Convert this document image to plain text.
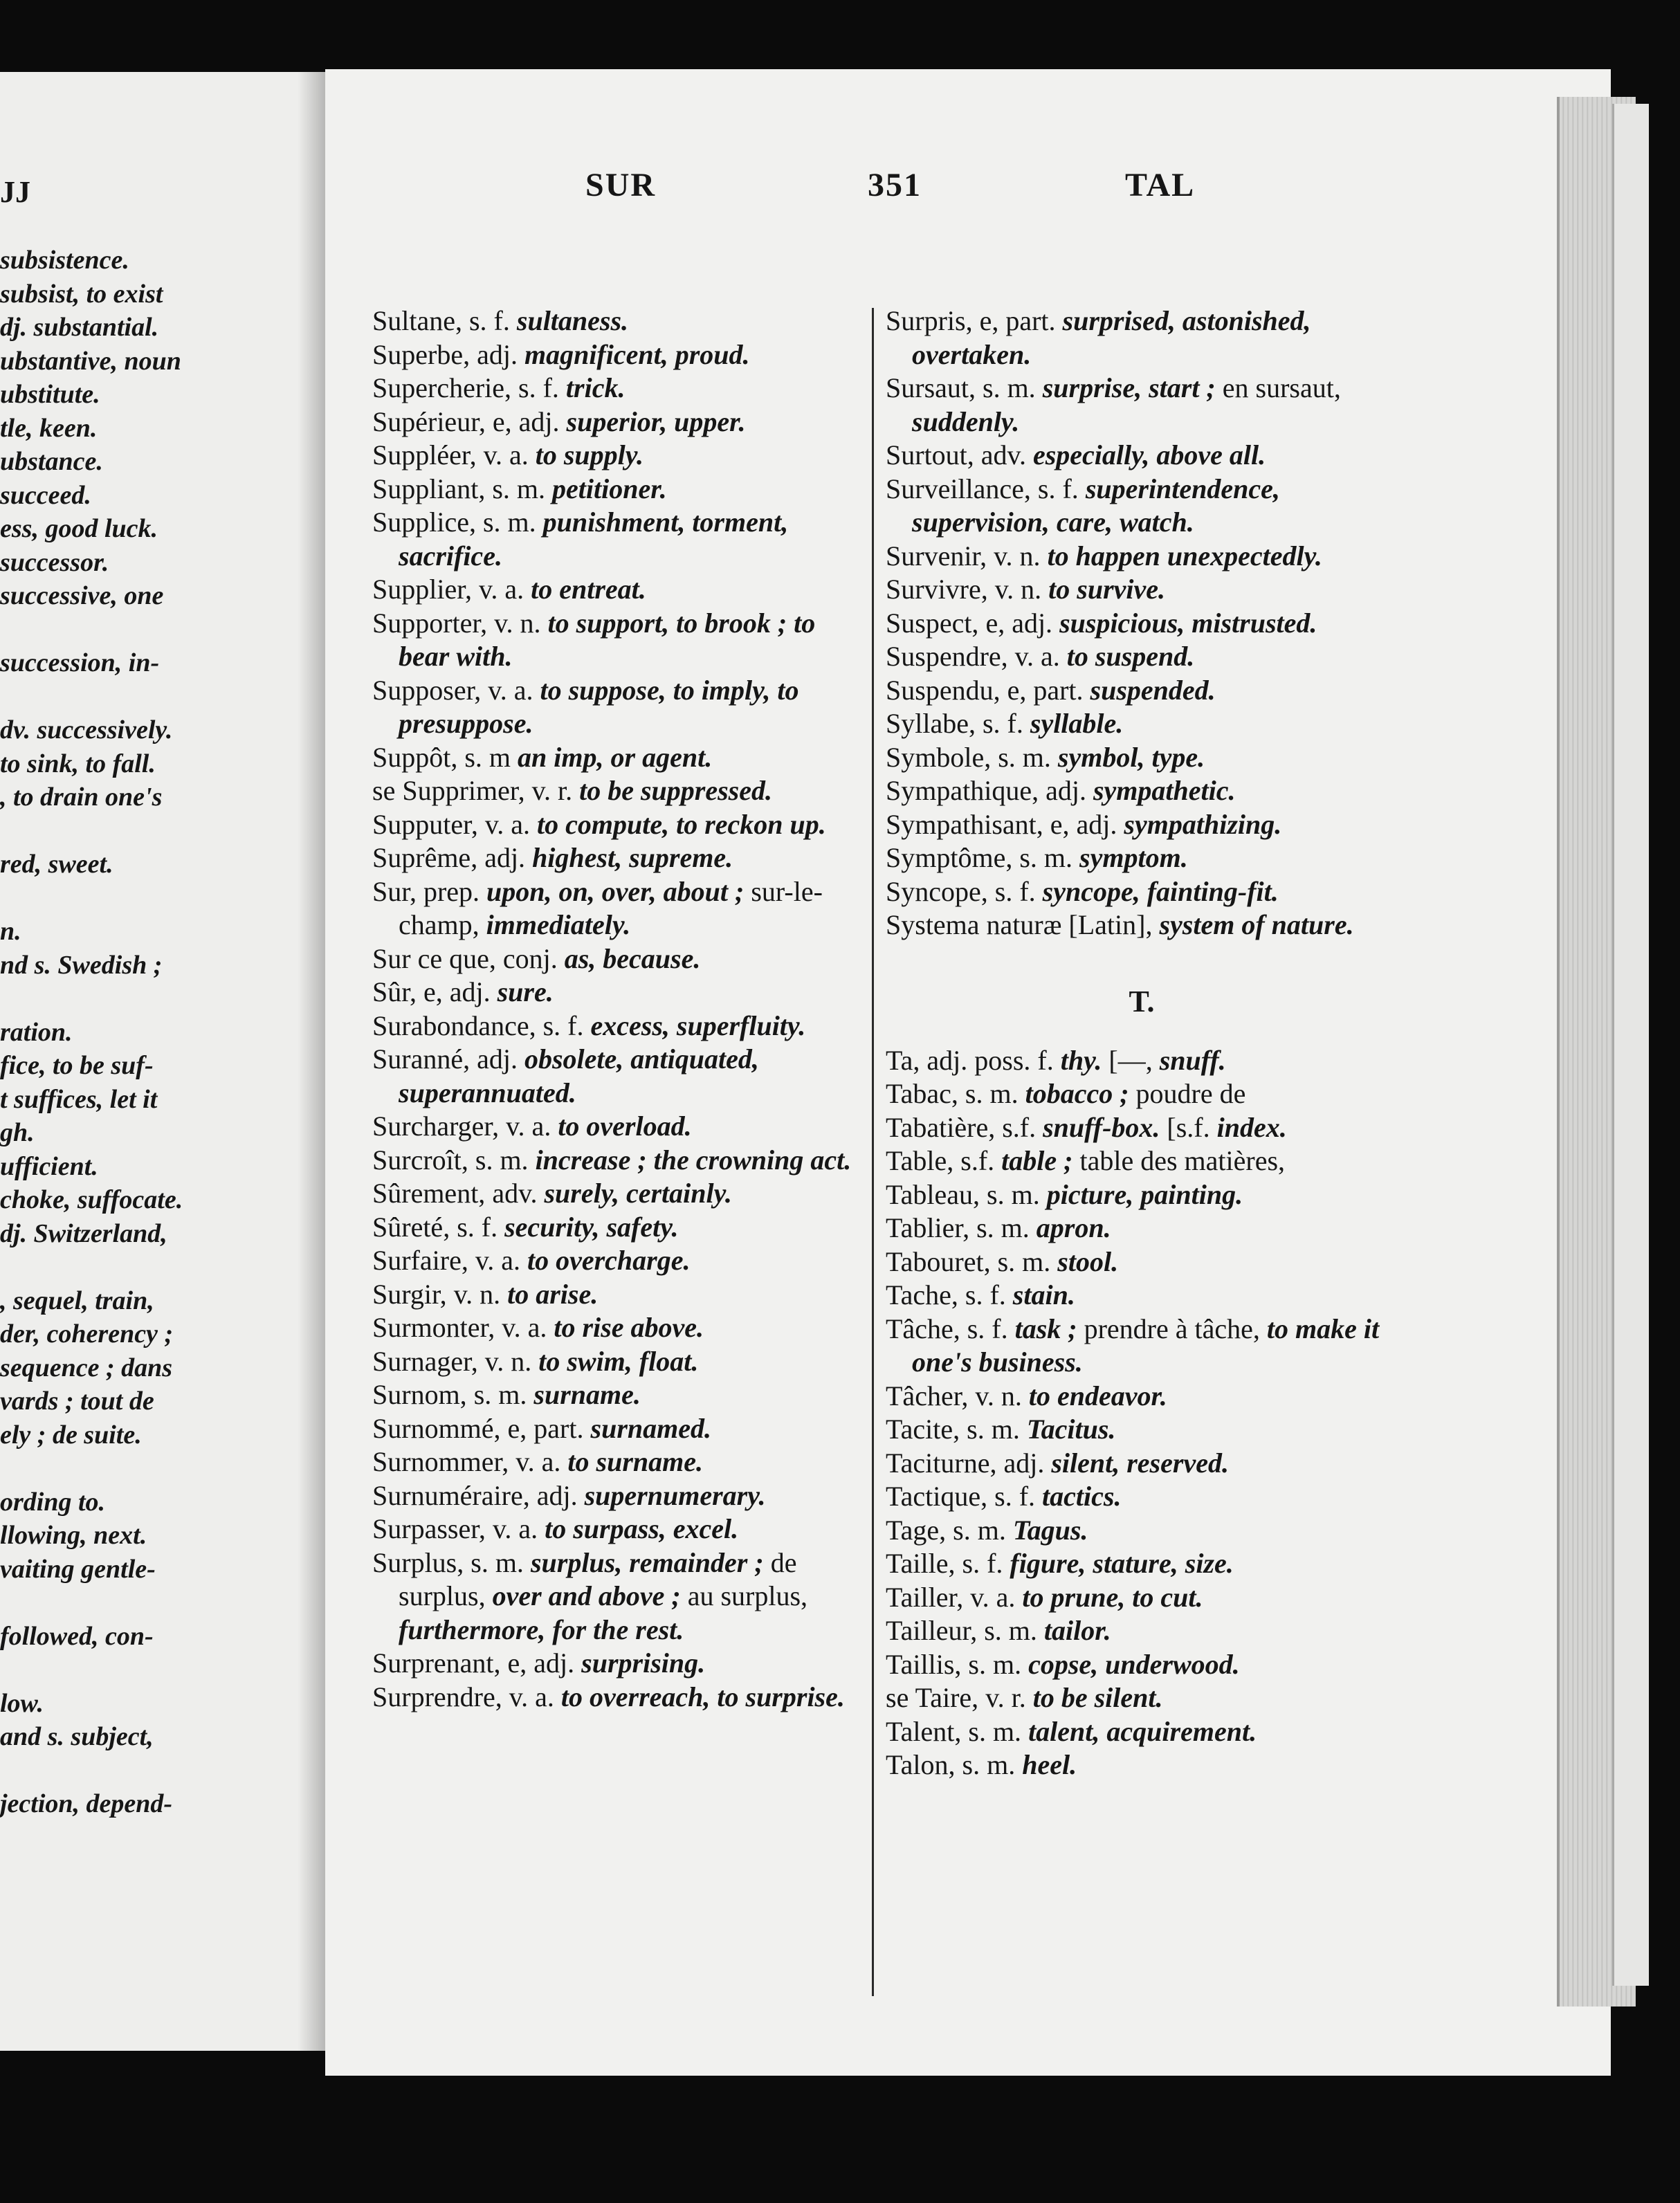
JJ
subsistence.
subsist, to exist
dj. substantial.
ubstantive, noun
ubstitute.
tle, keen.
ubstance.
succeed.
ess, good luck.
successor.
successive, one
succession, in-
dv. successively.
to sink, to fall.
, to drain one's
red, sweet.
n.
nd s. Swedish ;
ration.
fice, to be suf-
t suffices, let it
gh.
ufficient.
choke, suffocate.
dj. Switzerland,
, sequel, train,
der, coherency ;
sequence ; dans
vards ; tout de
ely ; de suite.
ording to.
llowing, next.
vaiting gentle-
followed, con-
low.
and s. subject,
jection, depend-
SUR	351	TAL

Sultane, s. f. sultaness.

Superbe, adj. magnificent, proud.

Supercherie, s. f. trick.

Supérieur, e, adj. superior, upper.

Suppléer, v. a. to supply.

Suppliant, s. m. petitioner.

Supplice, s. m. punishment, torment, sacrifice.

Supplier, v. a. to entreat.

Supporter, v. n. to support, to brook ; to bear with.

Supposer, v. a. to suppose, to imply, to presuppose.

Suppôt, s. m an imp, or agent.

se Supprimer, v. r. to be suppressed.

Supputer, v. a. to compute, to reckon up.

Suprême, adj. highest, supreme.

Sur, prep. upon, on, over, about ; sur-le-champ, immediately.

Sur ce que, conj. as, because.

Sûr, e, adj. sure.

Surabondance, s. f. excess, superfluity.

Suranné, adj. obsolete, antiquated, superannuated.

Surcharger, v. a. to overload.

Surcroît, s. m. increase ; the crowning act.

Sûrement, adv. surely, certainly.

Sûreté, s. f. security, safety.

Surfaire, v. a. to overcharge.

Surgir, v. n. to arise.

Surmonter, v. a. to rise above.

Surnager, v. n. to swim, float.

Surnom, s. m. surname.

Surnommé, e, part. surnamed.

Surnommer, v. a. to surname.

Surnuméraire, adj. supernumerary.

Surpasser, v. a. to surpass, excel.

Surplus, s. m. surplus, remainder ; de surplus, over and above ; au surplus, furthermore, for the rest.

Surprenant, e, adj. surprising.

Surprendre, v. a. to overreach, to surprise.

Surpris, e, part. surprised, astonished, overtaken.

Sursaut, s. m. surprise, start ; en sursaut, suddenly.

Surtout, adv. especially, above all.

Surveillance, s. f. superintendence, supervision, care, watch.

Survenir, v. n. to happen unexpectedly.

Survivre, v. n. to survive.

Suspect, e, adj. suspicious, mistrusted.

Suspendre, v. a. to suspend.

Suspendu, e, part. suspended.

Syllabe, s. f. syllable.

Symbole, s. m. symbol, type.

Sympathique, adj. sympathetic.

Sympathisant, e, adj. sympathizing.

Symptôme, s. m. symptom.

Syncope, s. f. syncope, fainting-fit.

Systema naturæ [Latin], system of nature.

T.

Ta, adj. poss. f. thy. [—, snuff.

Tabac, s. m. tobacco ; poudre de

Tabatière, s.f. snuff-box. [s.f. index.

Table, s.f. table ; table des matières,

Tableau, s. m. picture, painting.

Tablier, s. m. apron.

Tabouret, s. m. stool.

Tache, s. f. stain.

Tâche, s. f. task ; prendre à tâche, to make it one's business.

Tâcher, v. n. to endeavor.

Tacite, s. m. Tacitus.

Taciturne, adj. silent, reserved.

Tactique, s. f. tactics.

Tage, s. m. Tagus.

Taille, s. f. figure, stature, size.

Tailler, v. a. to prune, to cut.

Tailleur, s. m. tailor.

Taillis, s. m. copse, underwood.

se Taire, v. r. to be silent.

Talent, s. m. talent, acquirement.

Talon, s. m. heel.
